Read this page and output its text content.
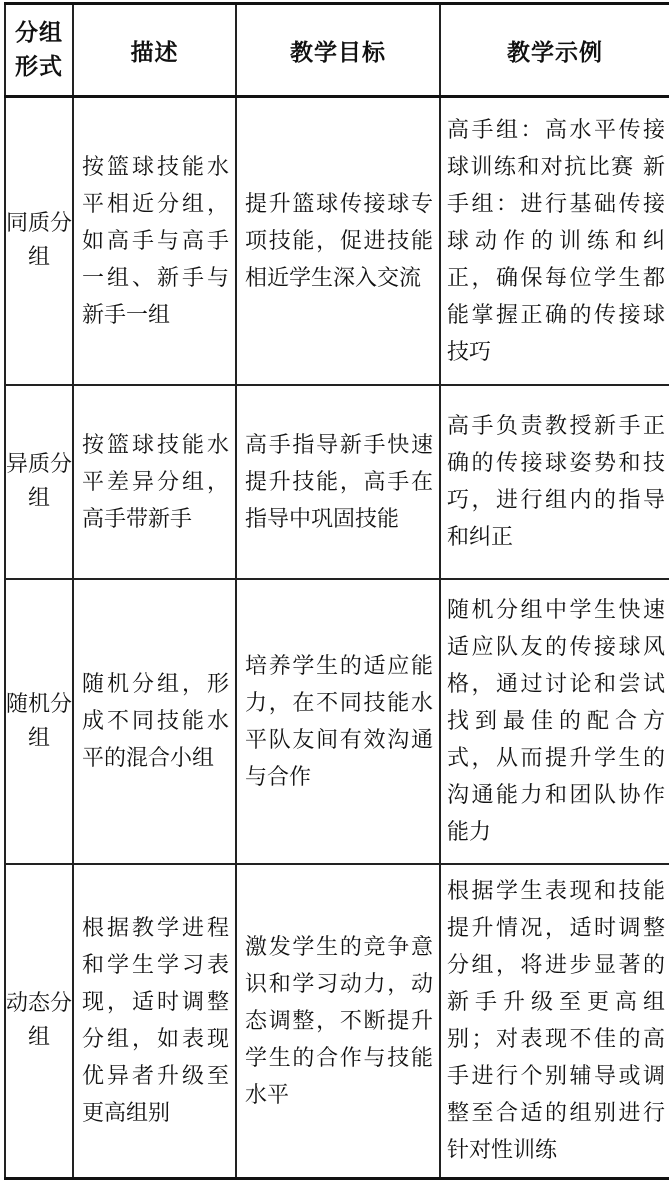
分组形式	描述	教学目标	教学示例

同质分组	按篮球技能水平相近分组，如高手与高手一组、新手与新手一组	提升篮球传接球专项技能，促进技能相近学生深入交流	高手组：高水平传接球训练和对抗比赛 新手组：进行基础传接球动作的训练和纠正，确保每位学生都能掌握正确的传接球技巧

异质分组	按篮球技能水平差异分组，高手带新手	高手指导新手快速提升技能，高手在指导中巩固技能	高手负责教授新手正确的传接球姿势和技巧，进行组内的指导和纠正

随机分组	随机分组，形成不同技能水平的混合小组	培养学生的适应能力，在不同技能水平队友间有效沟通与合作	随机分组中学生快速适应队友的传接球风格，通过讨论和尝试找到最佳的配合方式，从而提升学生的沟通能力和团队协作能力

动态分组	根据教学进程和学生学习表现，适时调整分组，如表现优异者升级至更高组别	激发学生的竞争意识和学习动力，动态调整，不断提升学生的合作与技能水平	根据学生表现和技能提升情况，适时调整分组，将进步显著的新手升级至更高组别；对表现不佳的高手进行个别辅导或调整至合适的组别进行针对性训练
